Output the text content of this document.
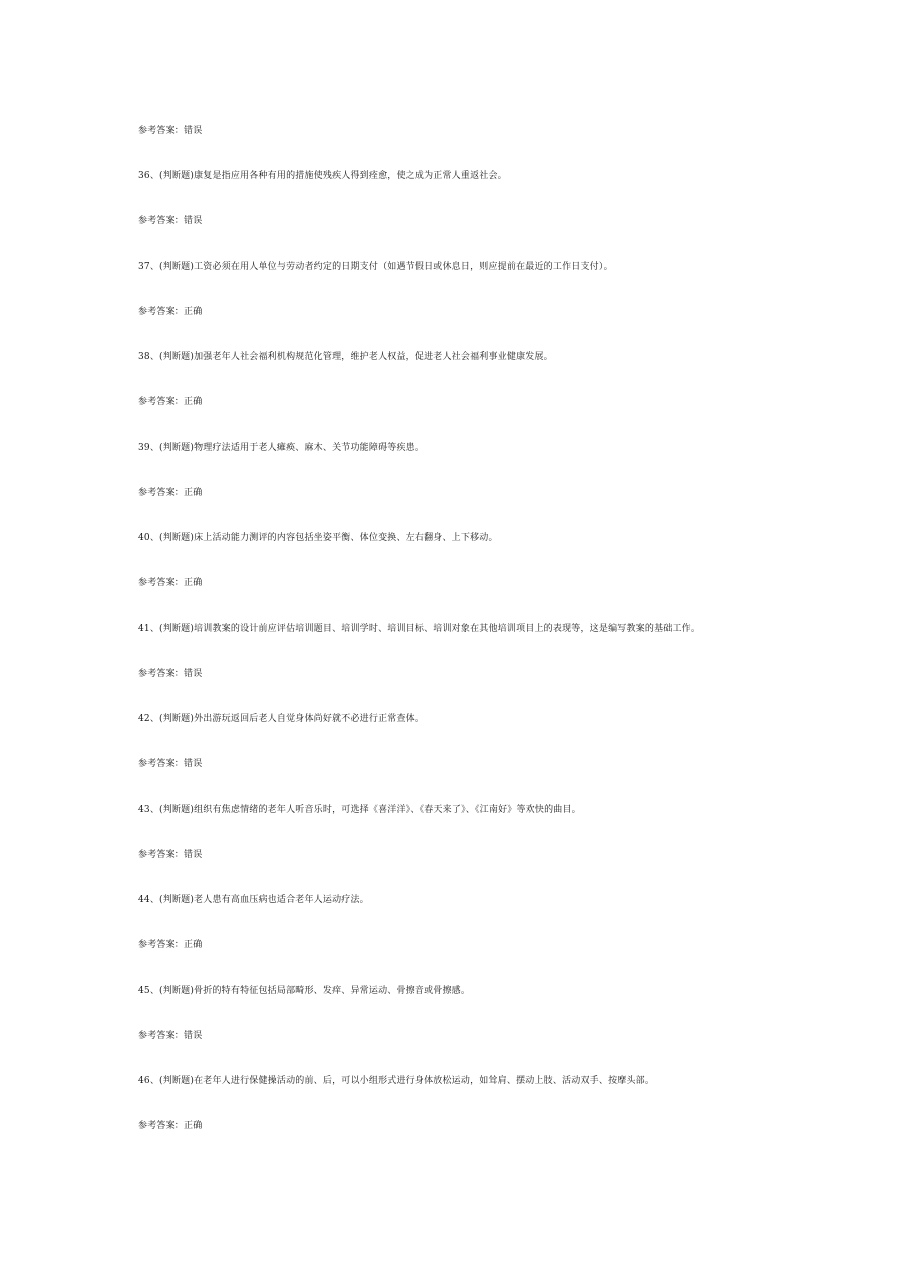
参考答案：错误
36、(判断题)康复是指应用各种有用的措施使残疾人得到痊愈，使之成为正常人重返社会。
参考答案：错误
37、(判断题)工资必须在用人单位与劳动者约定的日期支付（如遇节假日或休息日，则应提前在最近的工作日支付）。
参考答案：正确
38、(判断题)加强老年人社会福利机构规范化管理，维护老人权益，促进老人社会福利事业健康发展。
参考答案：正确
39、(判断题)物理疗法适用于老人瘫痪、麻木、关节功能障碍等疾患。
参考答案：正确
40、(判断题)床上活动能力测评的内容包括坐姿平衡、体位变换、左右翻身、上下移动。
参考答案：正确
41、(判断题)培训教案的设计前应评估培训题目、培训学时、培训目标、培训对象在其他培训项目上的表现等，这是编写教案的基础工作。
参考答案：错误
42、(判断题)外出游玩返回后老人自觉身体尚好就不必进行正常查体。
参考答案：错误
43、(判断题)组织有焦虑情绪的老年人听音乐时，可选择《喜洋洋》、《春天来了》、《江南好》等欢快的曲目。
参考答案：错误
44、(判断题)老人患有高血压病也适合老年人运动疗法。
参考答案：正确
45、(判断题)骨折的特有特征包括局部畸形、发痒、异常运动、骨擦音或骨擦感。
参考答案：错误
46、(判断题)在老年人进行保健操活动的前、后，可以小组形式进行身体放松运动，如耸肩、摆动上肢、活动双手、按摩头部。
参考答案：正确
